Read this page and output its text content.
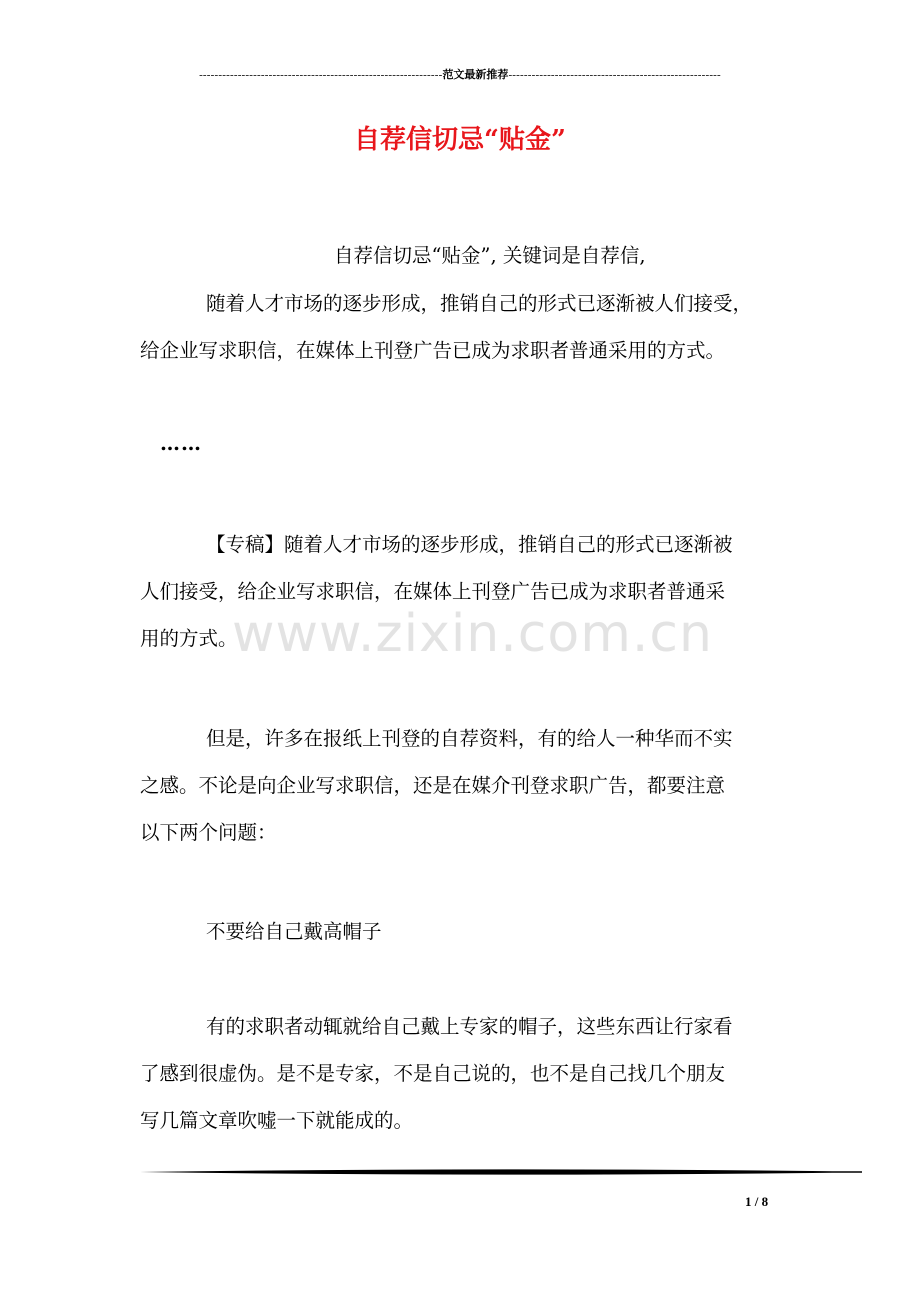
---------------------------------------------------------------范文最新推荐-------------------------------------------------------
自荐信切忌“贴金”
自荐信切忌“贴金”, 关键词是自荐信,
随着人才市场的逐步形成，推销自己的形式已逐渐被人们接受，
给企业写求职信，在媒体上刊登广告已成为求职者普通采用的方式。
……
www.zixin.com.cn
【专稿】随着人才市场的逐步形成，推销自己的形式已逐渐被
人们接受，给企业写求职信，在媒体上刊登广告已成为求职者普通采
用的方式。
但是，许多在报纸上刊登的自荐资料，有的给人一种华而不实
之感。不论是向企业写求职信，还是在媒介刊登求职广告，都要注意
以下两个问题：
不要给自己戴高帽子
有的求职者动辄就给自己戴上专家的帽子，这些东西让行家看
了感到很虚伪。是不是专家，不是自己说的，也不是自己找几个朋友
写几篇文章吹嘘一下就能成的。
1 / 8
